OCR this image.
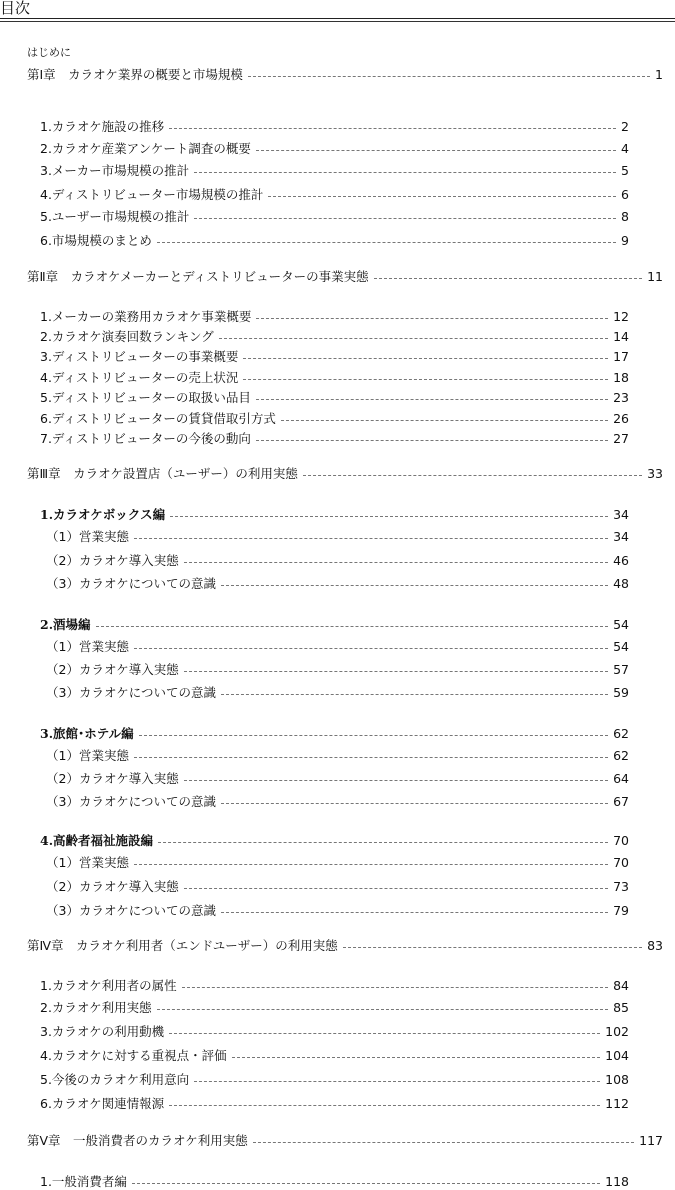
目次
はじめに
第Ⅰ章　カラオケ業界の概要と市場規模	1
1.カラオケ施設の推移	2
2.カラオケ産業アンケート調査の概要	4
3.メーカー市場規模の推計	5
4.ディストリビューター市場規模の推計	6
5.ユーザー市場規模の推計	8
6.市場規模のまとめ	9
第Ⅱ章　カラオケメーカーとディストリビューターの事業実態	11
1.メーカーの業務用カラオケ事業概要	12
2.カラオケ演奏回数ランキング	14
3.ディストリビューターの事業概要	17
4.ディストリビューターの売上状況	18
5.ディストリビューターの取扱い品目	23
6.ディストリビューターの賃貸借取引方式	26
7.ディストリビューターの今後の動向	27
第Ⅲ章　カラオケ設置店（ユーザー）の利用実態	33
1.カラオケボックス編	34
（1）営業実態	34
（2）カラオケ導入実態	46
（3）カラオケについての意識	48
2.酒場編	54
（1）営業実態	54
（2）カラオケ導入実態	57
（3）カラオケについての意識	59
3.旅館･ホテル編	62
（1）営業実態	62
（2）カラオケ導入実態	64
（3）カラオケについての意識	67
4.高齢者福祉施設編	70
（1）営業実態	70
（2）カラオケ導入実態	73
（3）カラオケについての意識	79
第Ⅳ章　カラオケ利用者（エンドユーザー）の利用実態	83
1.カラオケ利用者の属性	84
2.カラオケ利用実態	85
3.カラオケの利用動機	102
4.カラオケに対する重視点・評価	104
5.今後のカラオケ利用意向	108
6.カラオケ関連情報源	112
第Ⅴ章　一般消費者のカラオケ利用実態	117
1.一般消費者編	118
